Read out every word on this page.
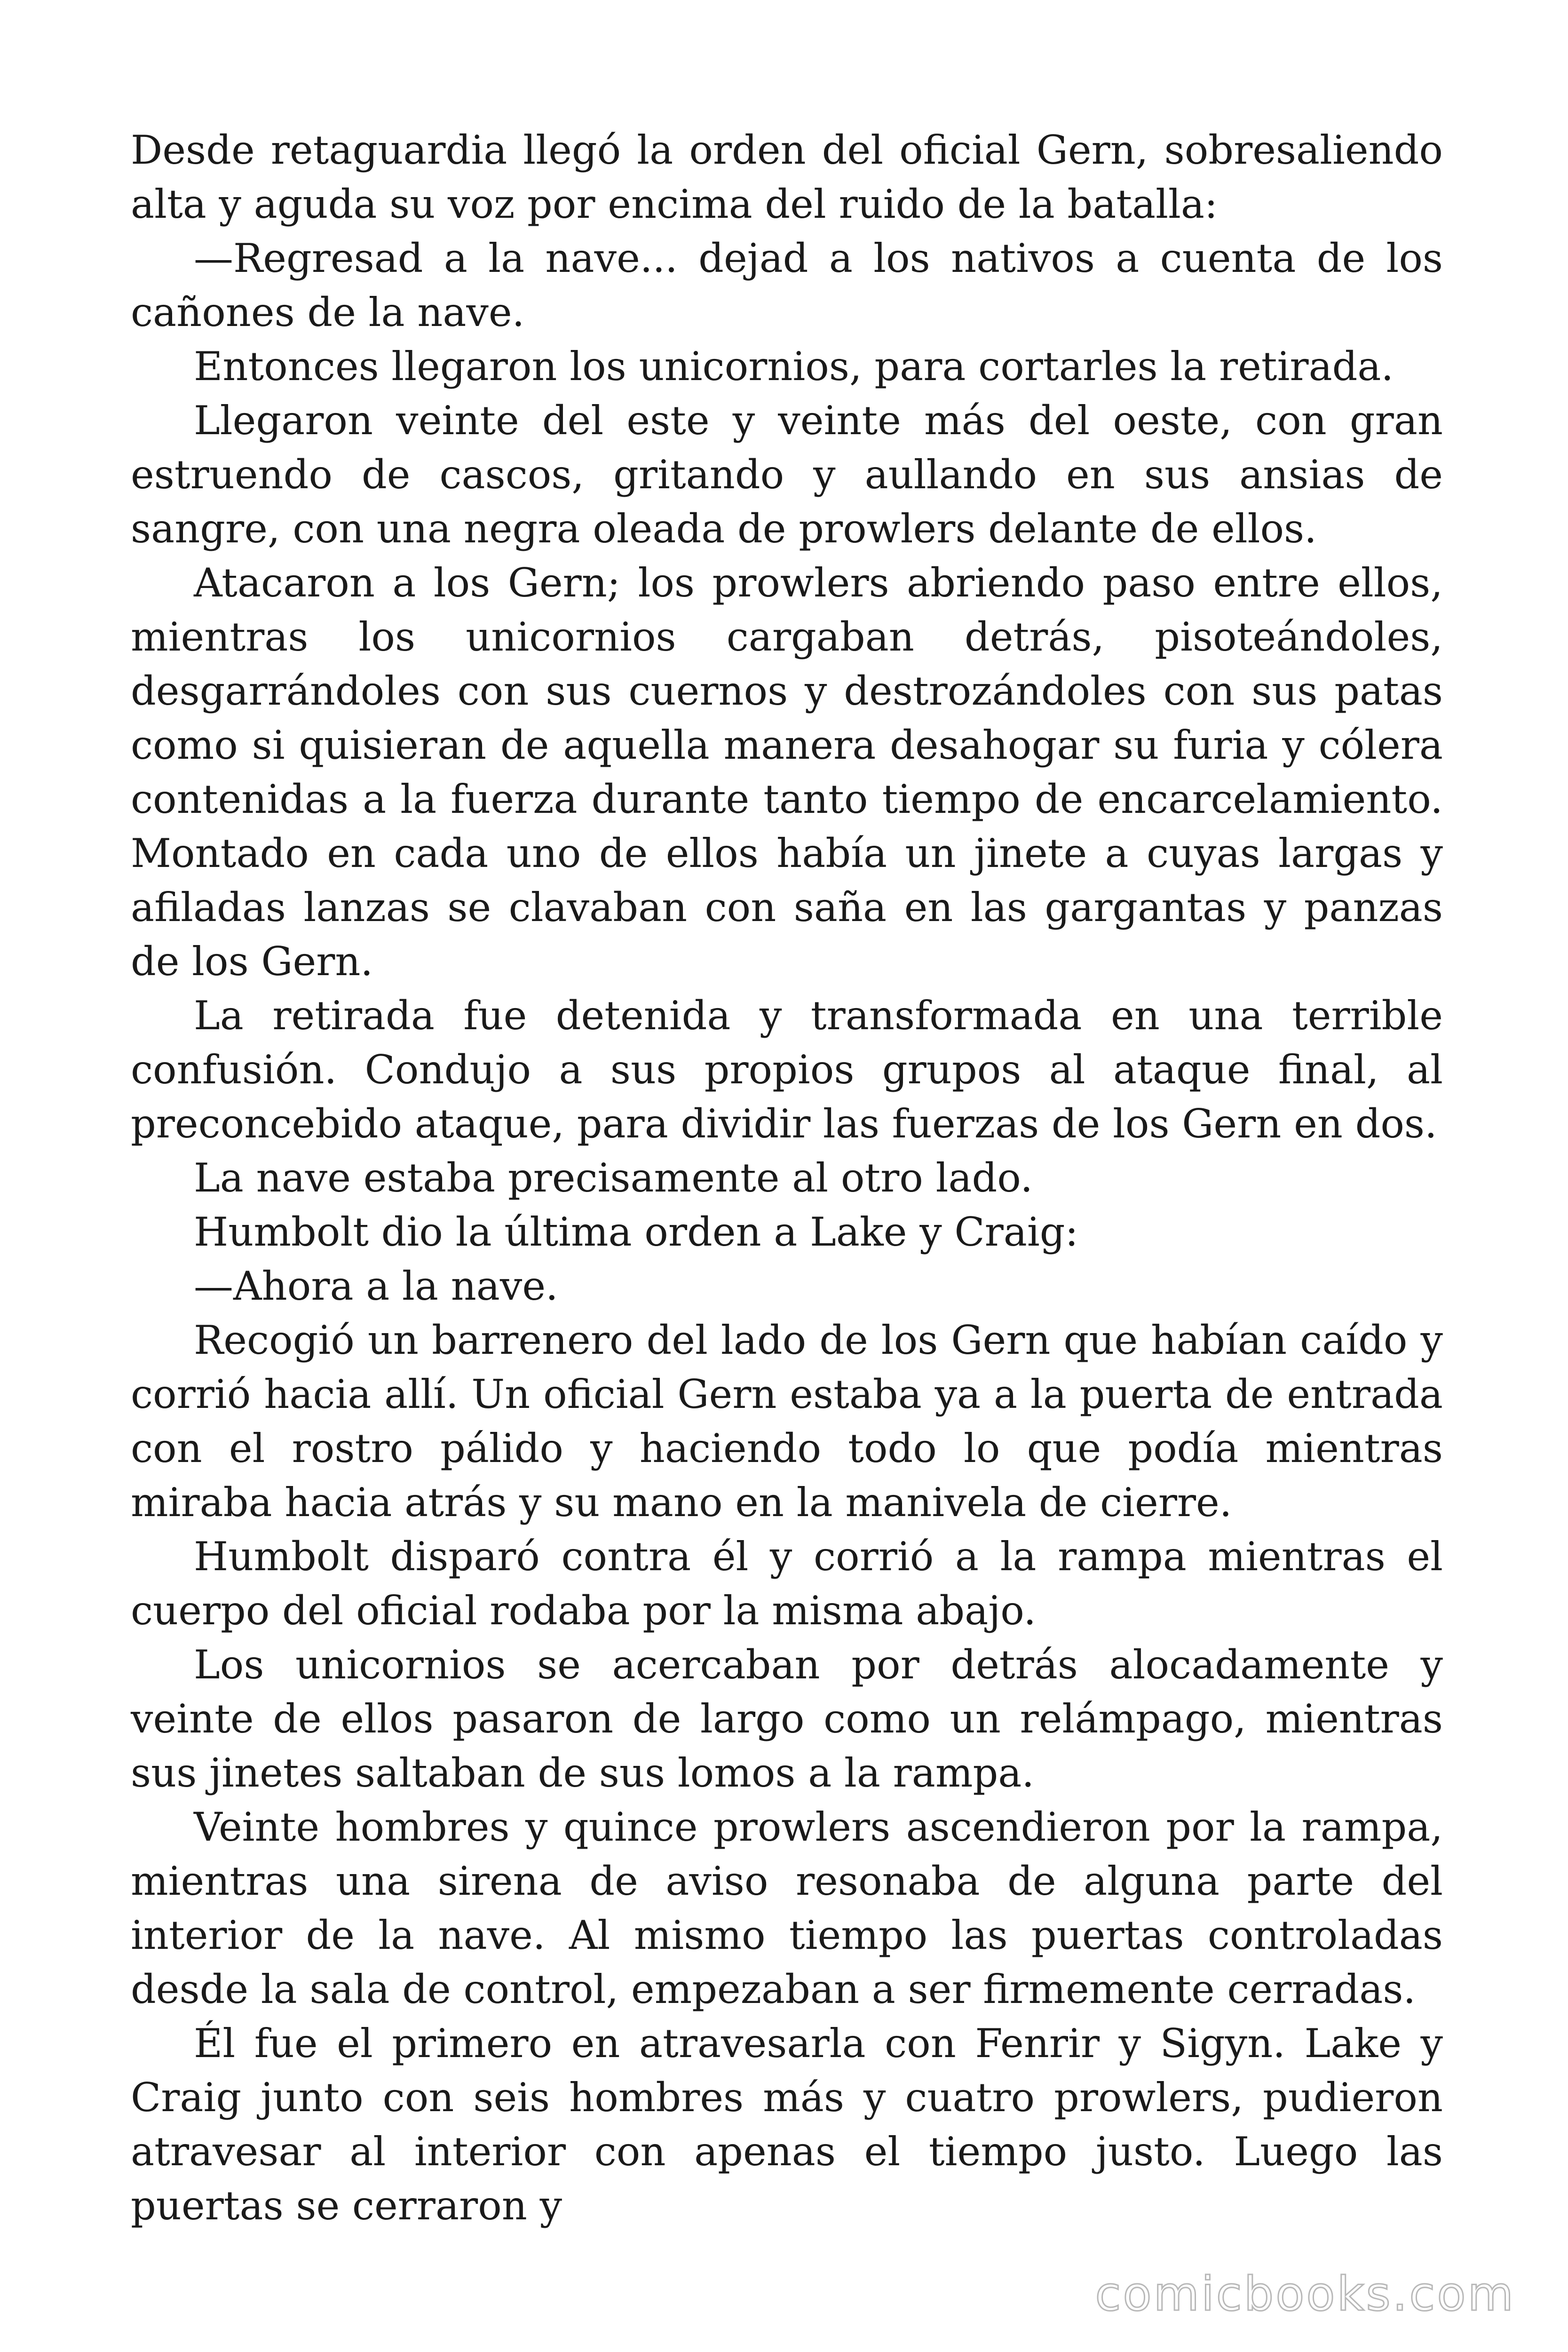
Desde retaguardia llegó la orden del oficial Gern, sobresaliendo alta y aguda su voz por encima del ruido de la batalla:

—Regresad a la nave... dejad a los nativos a cuenta de los cañones de la nave.

Entonces llegaron los unicornios, para cortarles la retirada.

Llegaron veinte del este y veinte más del oeste, con gran estruendo de cascos, gritando y aullando en sus ansias de sangre, con una negra oleada de prowlers delante de ellos.

Atacaron a los Gern; los prowlers abriendo paso entre ellos, mientras los unicornios cargaban detrás, pisoteándoles, desgarrándoles con sus cuernos y destrozándoles con sus patas como si quisieran de aquella manera desahogar su furia y cólera contenidas a la fuerza durante tanto tiempo de encarcelamiento. Montado en cada uno de ellos había un jinete a cuyas largas y afiladas lanzas se clavaban con saña en las gargantas y panzas de los Gern.

La retirada fue detenida y transformada en una terrible confusión. Condujo a sus propios grupos al ataque final, al preconcebido ataque, para dividir las fuerzas de los Gern en dos.

La nave estaba precisamente al otro lado.

Humbolt dio la última orden a Lake y Craig:

—Ahora a la nave.

Recogió un barrenero del lado de los Gern que habían caído y corrió hacia allí. Un oficial Gern estaba ya a la puerta de entrada con el rostro pálido y haciendo todo lo que podía mientras miraba hacia atrás y su mano en la manivela de cierre.

Humbolt disparó contra él y corrió a la rampa mientras el cuerpo del oficial rodaba por la misma abajo.

Los unicornios se acercaban por detrás alocadamente y veinte de ellos pasaron de largo como un relámpago, mientras sus jinetes saltaban de sus lomos a la rampa.

Veinte hombres y quince prowlers ascendieron por la rampa, mientras una sirena de aviso resonaba de alguna parte del interior de la nave. Al mismo tiempo las puertas controladas desde la sala de control, empezaban a ser firmemente cerradas.

Él fue el primero en atravesarla con Fenrir y Sigyn. Lake y Craig junto con seis hombres más y cuatro prowlers, pudieron atravesar al interior con apenas el tiempo justo. Luego las puertas se cerraron y

comicbooks.com
